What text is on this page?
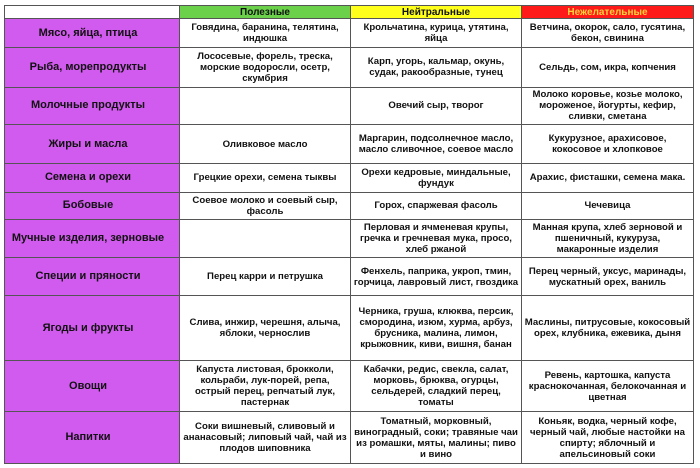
	Полезные	Нейтральные	Нежелательные
Мясо, яйца, птица	Говядина, баранина, телятина, индюшка	Крольчатина, курица, утятина, яйца	Ветчина, окорок, сало, гусятина, бекон, свинина
Рыба, морепродукты	Лососевые, форель, треска, морские водоросли, осетр, скумбрия	Карп, угорь, кальмар, окунь, судак, ракообразные, тунец	Сельдь, сом, икра, копчения
Молочные продукты		Овечий сыр, творог	Молоко коровье, козье молоко, мороженое, йогурты, кефир, сливки, сметана
Жиры и масла	Оливковое масло	Маргарин, подсолнечное масло, масло сливочное, соевое масло	Кукурузное, арахисовое, кокосовое и хлопковое
Семена и орехи	Грецкие орехи, семена тыквы	Орехи кедровые, миндальные, фундук	Арахис, фисташки, семена мака.
Бобовые	Соевое молоко и соевый сыр, фасоль	Горох, спаржевая фасоль	Чечевица
Мучные изделия, зерновые		Перловая и ячменевая крупы, гречка и гречневая мука, просо, хлеб ржаной	Манная крупа, хлеб зерновой и пшеничный, кукуруза, макаронные изделия
Специи и пряности	Перец карри и петрушка	Фенхель, паприка, укроп, тмин, горчица, лавровый лист, гвоздика	Перец черный, уксус, маринады, мускатный орех, ваниль
Ягоды и фрукты	Слива, инжир, черешня, алыча, яблоки, чернослив	Черника, груша, клюква, персик, смородина, изюм, хурма, арбуз, брусника, малина, лимон, крыжовник, киви, вишня, банан	Маслины, питрусовые, кокосовый орех, клубника, ежевика, дыня
Овощи	Капуста листовая, брокколи, кольраби, лук-порей, репа, острый перец, репчатый лук, пастернак	Кабачки, редис, свекла, салат, морковь, брюква, огурцы, сельдерей, сладкий перец, томаты	Ревень, картошка, капуста краснокочанная, белокочанная и цветная
Напитки	Соки вишневый, сливовый и ананасовый; липовый чай, чай из плодов шиповника	Томатный, морковный, виноградный, соки; травяные чаи из ромашки, мяты, малины; пиво и вино	Коньяк, водка, черный кофе, черный чай, любые настойки на спирту; яблочный и апельсиновый соки
